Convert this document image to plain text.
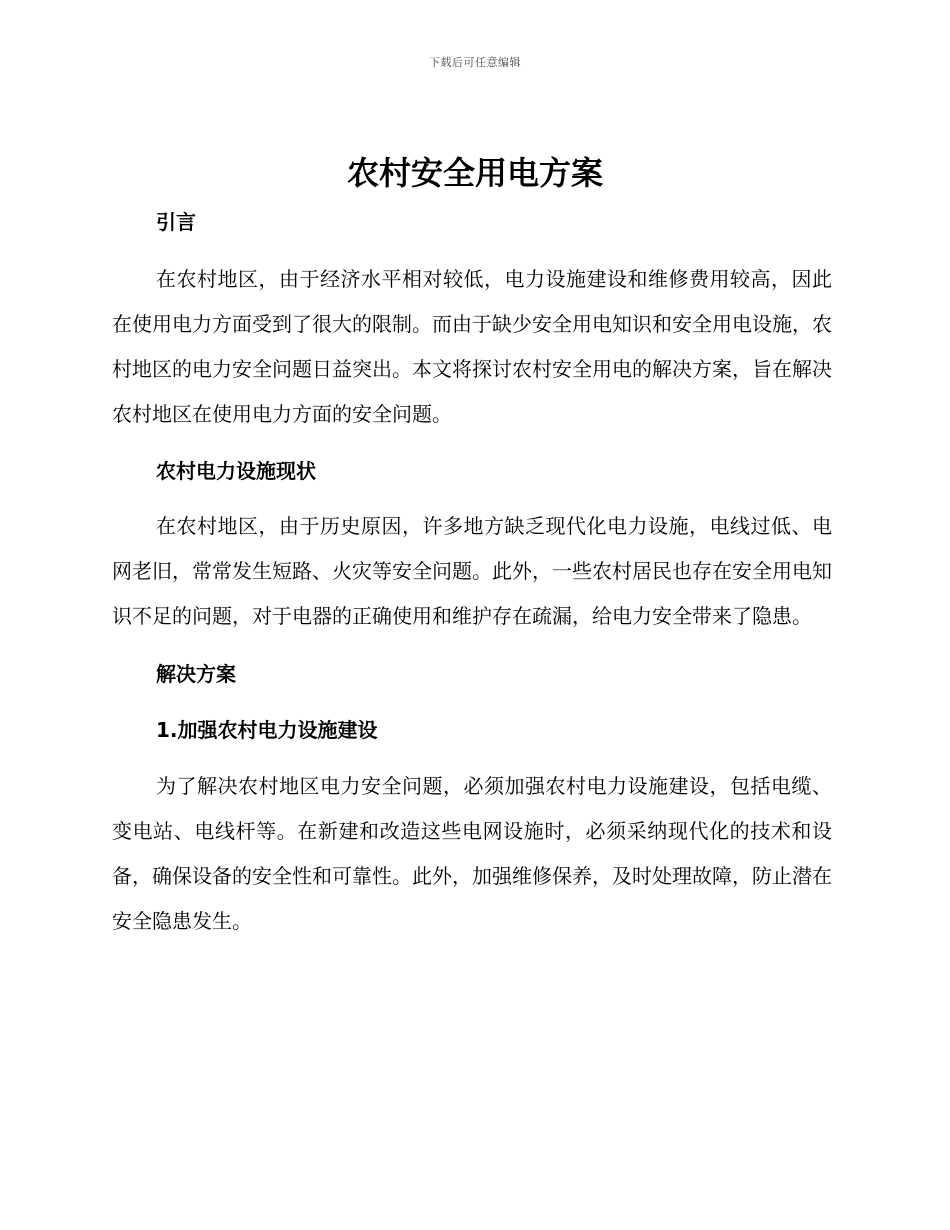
下载后可任意编辑
农村安全用电方案
引言

在农村地区，由于经济水平相对较低，电力设施建设和维修费用较高，因此在使用电力方面受到了很大的限制。而由于缺少安全用电知识和安全用电设施，农村地区的电力安全问题日益突出。本文将探讨农村安全用电的解决方案，旨在解决农村地区在使用电力方面的安全问题。

农村电力设施现状

在农村地区，由于历史原因，许多地方缺乏现代化电力设施，电线过低、电网老旧，常常发生短路、火灾等安全问题。此外，一些农村居民也存在安全用电知识不足的问题，对于电器的正确使用和维护存在疏漏，给电力安全带来了隐患。

解决方案
1.加强农村电力设施建设

为了解决农村地区电力安全问题，必须加强农村电力设施建设，包括电缆、变电站、电线杆等。在新建和改造这些电网设施时，必须采纳现代化的技术和设备，确保设备的安全性和可靠性。此外，加强维修保养，及时处理故障，防止潜在安全隐患发生。
